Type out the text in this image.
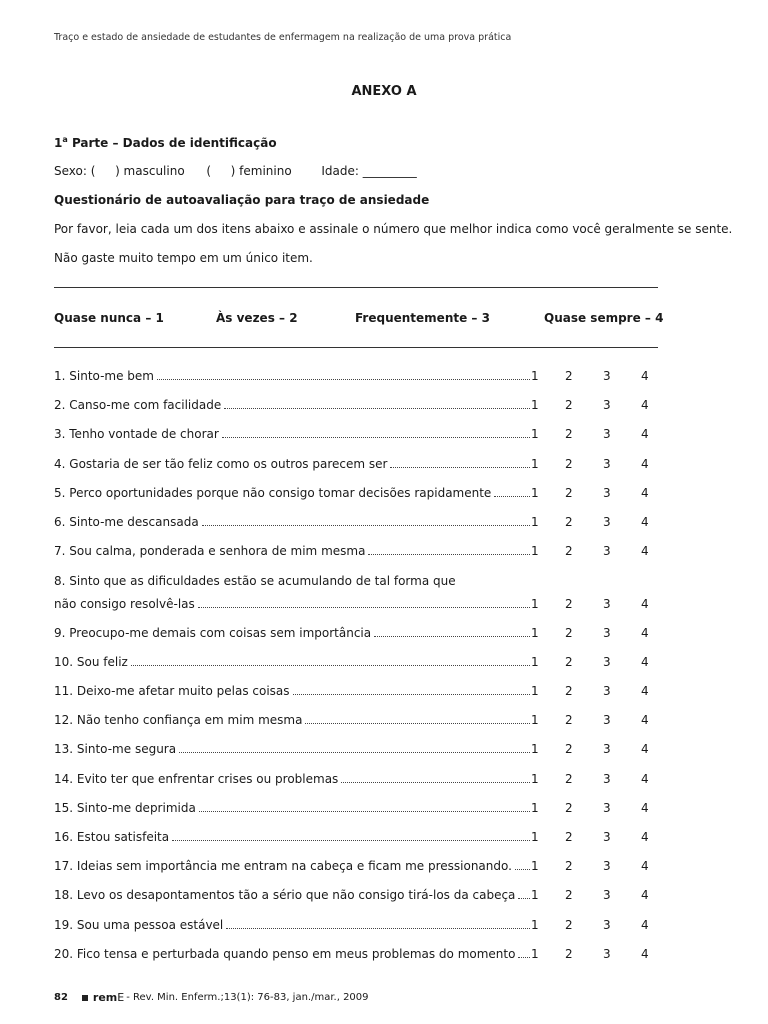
Traço e estado de ansiedade de estudantes de enfermagem na realização de uma prova prática
ANEXO A
1$^a$ Parte – Dados de identificação
Sexo: ( ) masculino ( ) feminino Idade: _________
Questionário de autoavaliação para traço de ansiedade
Por favor, leia cada um dos itens abaixo e assinale o número que melhor indica como você geralmente se sente.
Não gaste muito tempo em um único item.
Quase nunca – 1	Às vezes – 2	Frequentemente – 3	Quase sempre – 4
1. Sinto-me bem	1 2	3	4
2. Canso-me com facilidade	1 2	3	4
3. Tenho vontade de chorar	1 2	3	4
4. Gostaria de ser tão feliz como os outros parecem ser	1 2	3	4
5. Perco oportunidades porque não consigo tomar decisões rapidamente	1 2	3	4
6. Sinto-me descansada	1 2	3	4
7. Sou calma, ponderada e senhora de mim mesma	1 2	3	4
8. Sinto que as dificuldades estão se acumulando de tal forma que
não consigo resolvê-las	1 2	3	4
9. Preocupo-me demais com coisas sem importância	1 2	3	4
10. Sou feliz	1 2	3	4
11. Deixo-me afetar muito pelas coisas	1 2	3	4
12. Não tenho confiança em mim mesma	1 2	3	4
13. Sinto-me segura	1 2	3	4
14. Evito ter que enfrentar crises ou problemas	1 2	3	4
15. Sinto-me deprimida	1 2	3	4
16. Estou satisfeita	1 2	3	4
17. Ideias sem importância me entram na cabeça e ficam me pressionando. 1 2	3	4
18. Levo os desapontamentos tão a sério que não consigo tirá-los da cabeça 1 2	3	4
19. Sou uma pessoa estável	1 2	3	4
20. Fico tensa e perturbada quando penso em meus problemas do momento 1 2	3	4
82 remE - Rev. Min. Enferm.;13(1): 76-83, jan./mar., 2009
